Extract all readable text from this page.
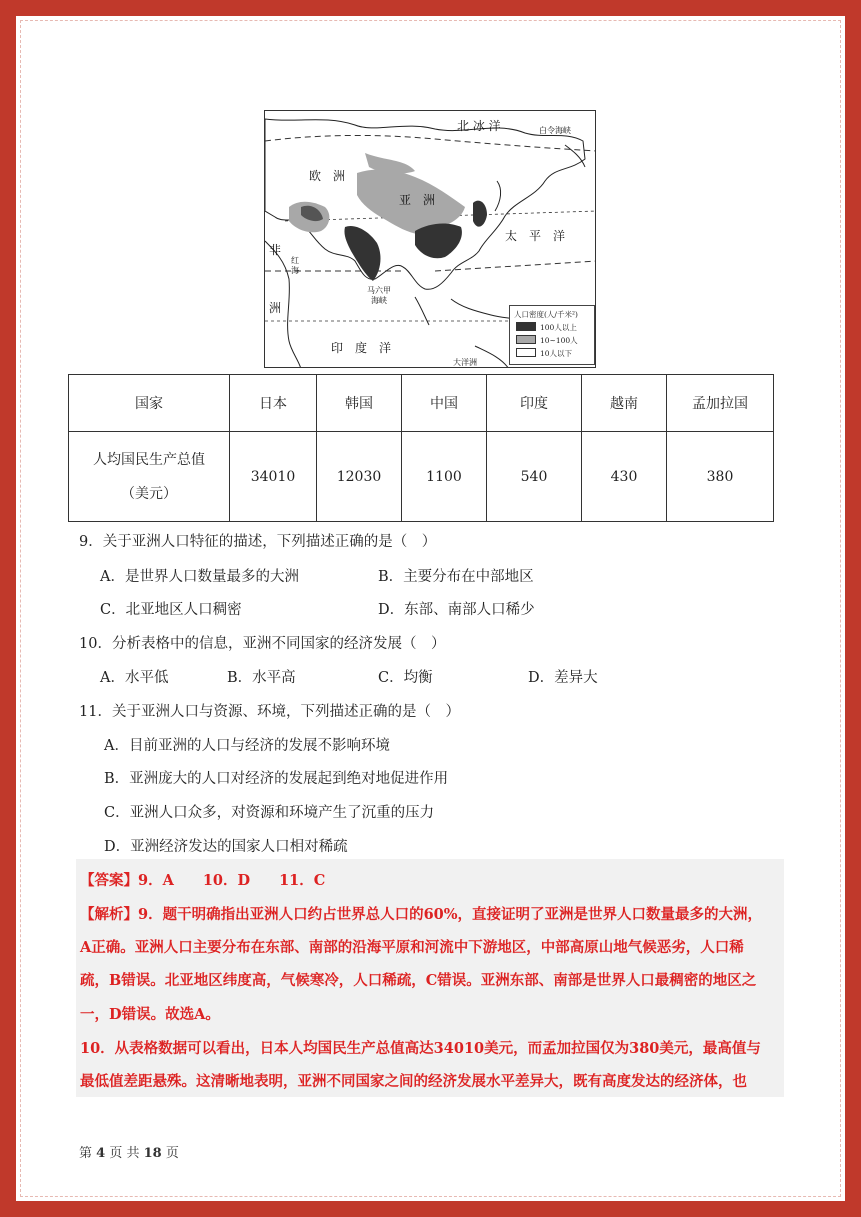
北 冰 洋	白令海峡
欧　洲
亚　洲
太　平　洋
非
洲
红
海
马六甲
海峡
印　度　洋
大洋洲
人口密度(人/千米²)
100人以上
10~100人
10人以下
国家	日本	韩国	中国	印度	越南	孟加拉国

人均国民生产总值
（美元）	34010	12030	1100	540	430	380
9．关于亚洲人口特征的描述，下列描述正确的是（　）
A．是世界人口数量最多的大洲	B．主要分布在中部地区
C．北亚地区人口稠密	D．东部、南部人口稀少
10．分析表格中的信息，亚洲不同国家的经济发展（　）
A．水平低	B．水平高	C．均衡	D．差异大
11．关于亚洲人口与资源、环境，下列描述正确的是（　）
A．目前亚洲的人口与经济的发展不影响环境
B．亚洲庞大的人口对经济的发展起到绝对地促进作用
C．亚洲人口众多，对资源和环境产生了沉重的压力
D．亚洲经济发达的国家人口相对稀疏
【答案】9．A　　10．D　　11．C
【解析】9．题干明确指出亚洲人口约占世界总人口的60%，直接证明了亚洲是世界人口数量最多的大洲，
A正确。亚洲人口主要分布在东部、南部的沿海平原和河流中下游地区，中部高原山地气候恶劣，人口稀
疏，B错误。北亚地区纬度高，气候寒冷，人口稀疏，C错误。亚洲东部、南部是世界人口最稠密的地区之
一，D错误。故选A。
10．从表格数据可以看出，日本人均国民生产总值高达34010美元，而孟加拉国仅为380美元，最高值与
最低值差距悬殊。这清晰地表明，亚洲不同国家之间的经济发展水平差异大，既有高度发达的经济体，也
第 4 页 共 18 页
